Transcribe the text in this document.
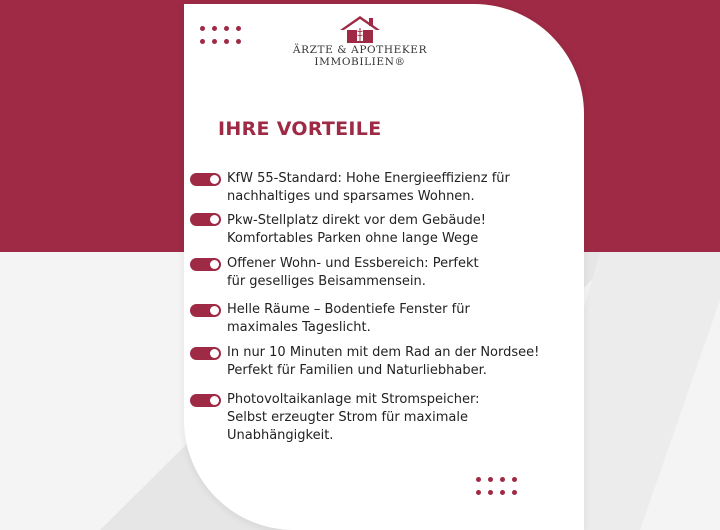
ÄRZTE & APOTHEKER
IMMOBILIEN®
IHRE VORTEILE
KfW 55-Standard: Hohe Energieeffizienz für
nachhaltiges und sparsames Wohnen.
Pkw-Stellplatz direkt vor dem Gebäude!
Komfortables Parken ohne lange Wege
Offener Wohn- und Essbereich: Perfekt
für geselliges Beisammensein.
Helle Räume – Bodentiefe Fenster für
maximales Tageslicht.
In nur 10 Minuten mit dem Rad an der Nordsee!
Perfekt für Familien und Naturliebhaber.
Photovoltaikanlage mit Stromspeicher:
Selbst erzeugter Strom für maximale
Unabhängigkeit.
